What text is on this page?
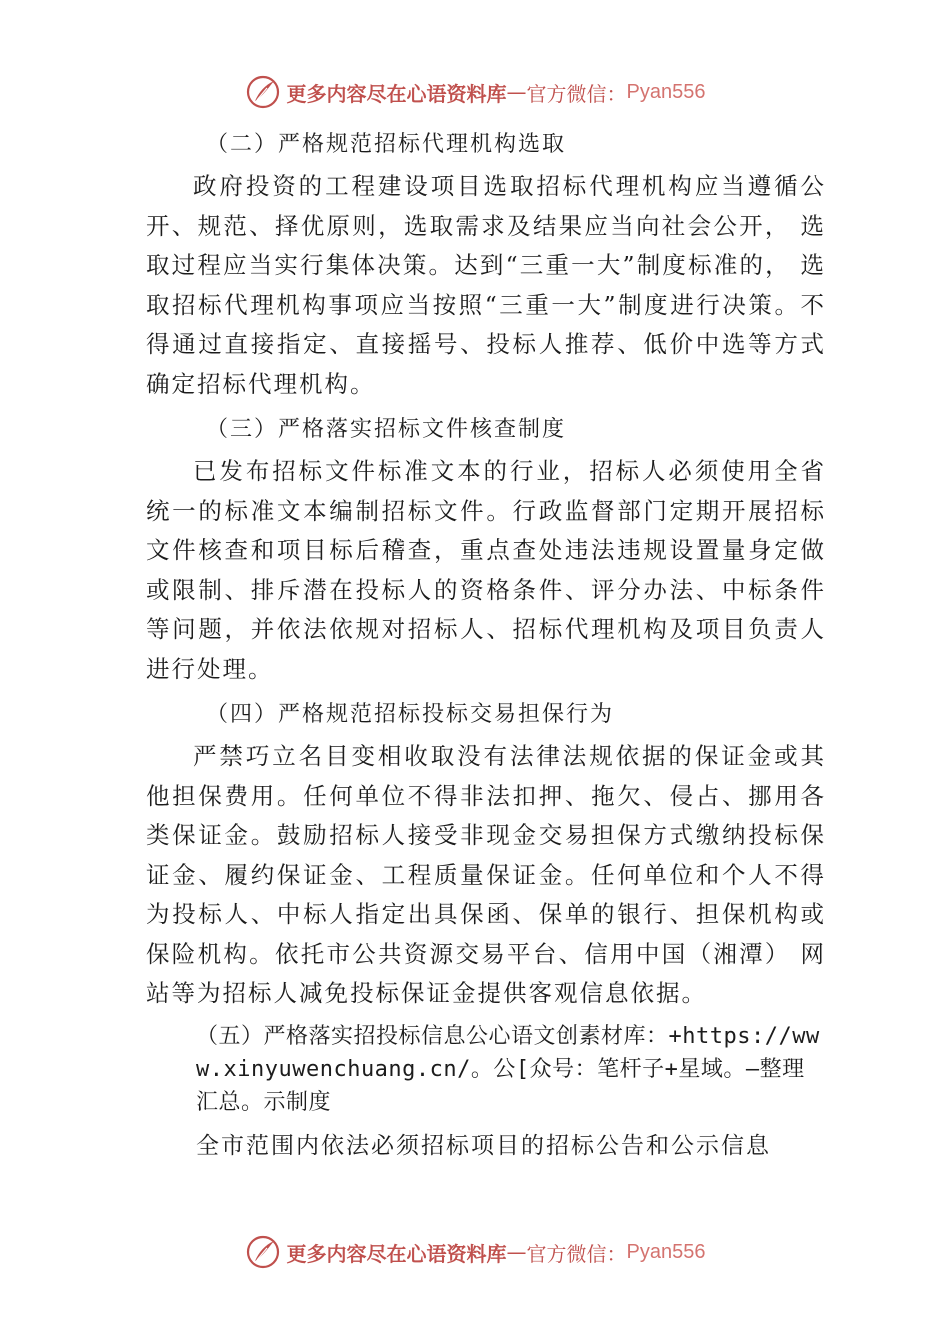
更多内容尽在心语资料库 — 官方微信： Pyan556
（二）严格规范招标代理机构选取

政府投资的工程建设项目选取招标代理机构应当遵循公开、规范、择优原则，选取需求及结果应当向社会公开， 选取过程应当实行集体决策。达到“三重一大”制度标准的， 选取招标代理机构事项应当按照“三重一大”制度进行决策。不得通过直接指定、直接摇号、投标人推荐、低价中选等方式确定招标代理机构。

（三）严格落实招标文件核查制度

已发布招标文件标准文本的行业，招标人必须使用全省统一的标准文本编制招标文件。行政监督部门定期开展招标文件核查和项目标后稽查，重点查处违法违规设置量身定做或限制、排斥潜在投标人的资格条件、评分办法、中标条件等问题，并依法依规对招标人、招标代理机构及项目负责人进行处理。

（四）严格规范招标投标交易担保行为

严禁巧立名目变相收取没有法律法规依据的保证金或其他担保费用。任何单位不得非法扣押、拖欠、侵占、挪用各类保证金。鼓励招标人接受非现金交易担保方式缴纳投标保证金、履约保证金、工程质量保证金。任何单位和个人不得为投标人、中标人指定出具保函、保单的银行、担保机构或保险机构。依托市公共资源交易平台、信用中国（湘潭） 网站等为招标人减免投标保证金提供客观信息依据。

（五）严格落实招投标信息公心语文创素材库：+https://www.xinyuwenchuang.cn/。公[众号：笔杆子+星域。—整理汇总。示制度

全市范围内依法必须招标项目的招标公告和公示信息

更多内容尽在心语资料库 — 官方微信： Pyan556
